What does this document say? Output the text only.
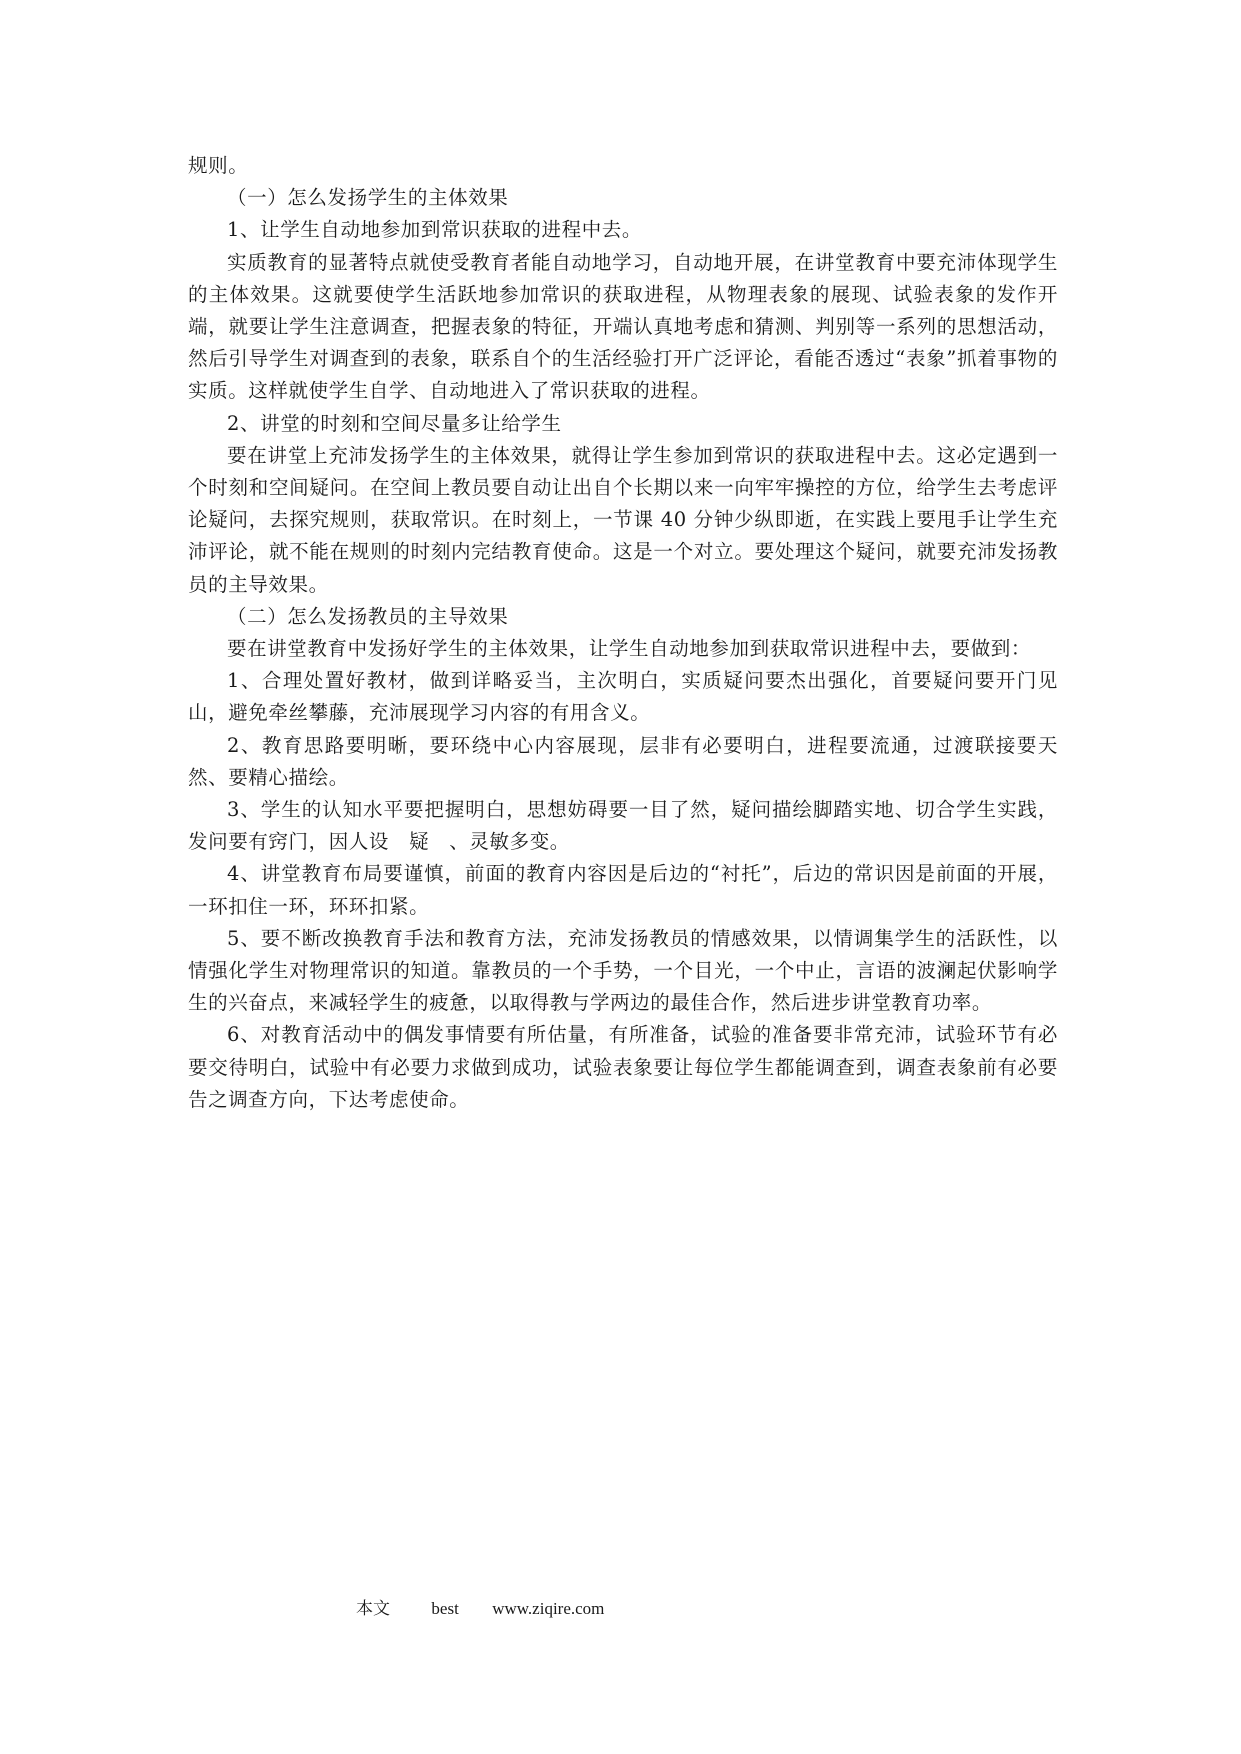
规则。

（一）怎么发扬学生的主体效果

1、让学生自动地参加到常识获取的进程中去。

实质教育的显著特点就使受教育者能自动地学习，自动地开展，在讲堂教育中要充沛体现学生的主体效果。这就要使学生活跃地参加常识的获取进程，从物理表象的展现、试验表象的发作开端，就要让学生注意调查，把握表象的特征，开端认真地考虑和猜测、判别等一系列的思想活动，然后引导学生对调查到的表象，联系自个的生活经验打开广泛评论，看能否透过“表象”抓着事物的实质。这样就使学生自学、自动地进入了常识获取的进程。

2、讲堂的时刻和空间尽量多让给学生

要在讲堂上充沛发扬学生的主体效果，就得让学生参加到常识的获取进程中去。这必定遇到一个时刻和空间疑问。在空间上教员要自动让出自个长期以来一向牢牢操控的方位，给学生去考虑评论疑问，去探究规则，获取常识。在时刻上，一节课 40 分钟少纵即逝，在实践上要甩手让学生充沛评论，就不能在规则的时刻内完结教育使命。这是一个对立。要处理这个疑问，就要充沛发扬教员的主导效果。

（二）怎么发扬教员的主导效果

要在讲堂教育中发扬好学生的主体效果，让学生自动地参加到获取常识进程中去，要做到：

1、合理处置好教材，做到详略妥当，主次明白，实质疑问要杰出强化，首要疑问要开门见山，避免牵丝攀藤，充沛展现学习内容的有用含义。

2、教育思路要明晰，要环绕中心内容展现，层非有必要明白，进程要流通，过渡联接要天然、要精心描绘。

3、学生的认知水平要把握明白，思想妨碍要一目了然，疑问描绘脚踏实地、切合学生实践，发问要有窍门，因人设　疑　、灵敏多变。

4、讲堂教育布局要谨慎，前面的教育内容因是后边的“衬托”，后边的常识因是前面的开展，一环扣住一环，环环扣紧。

5、要不断改换教育手法和教育方法，充沛发扬教员的情感效果，以情调集学生的活跃性，以情强化学生对物理常识的知道。靠教员的一个手势，一个目光，一个中止，言语的波澜起伏影响学生的兴奋点，来减轻学生的疲惫，以取得教与学两边的最佳合作，然后进步讲堂教育功率。

6、对教育活动中的偶发事情要有所估量，有所准备，试验的准备要非常充沛，试验环节有必要交待明白，试验中有必要力求做到成功，试验表象要让每位学生都能调查到，调查表象前有必要告之调查方向，下达考虑使命。

本文 best www.ziqire.com
